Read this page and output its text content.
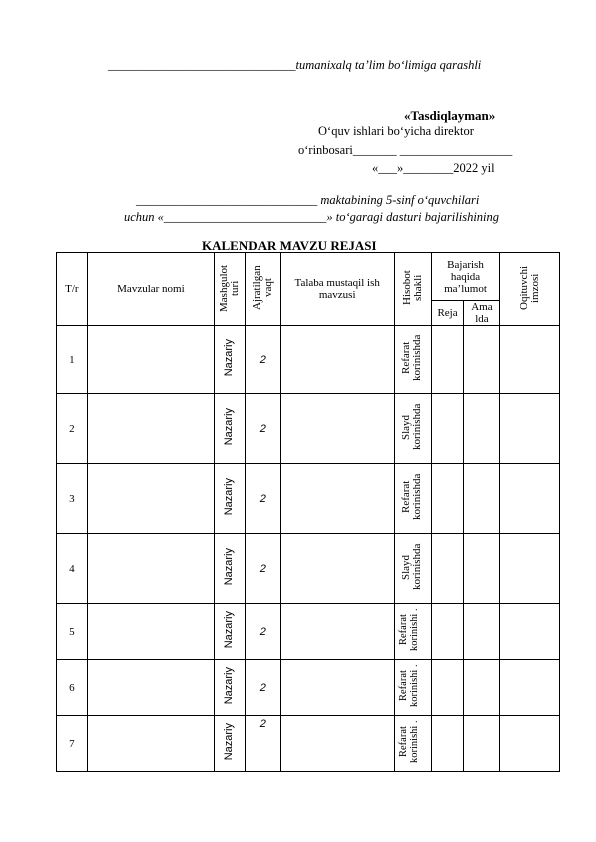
______________________________tumanixalq ta’lim bo‘limiga qarashli
«Tasdiqlayman»
O‘quv ishlari bo‘yicha direktor
o‘rinbosari_______ __________________
«___»________2022 yil
_____________________________ maktabining 5-sinf o‘quvchilari
uchun «__________________________» to‘garagi dasturi bajarilishining
KALENDAR MAVZU REJASI
T/r	Mavzular nomi	Mashgulot turi	Ajratilgan vaqt	Talaba mustaqil ish mavzusi	Hisobot shakli	Bajarish haqida ma’lumot		Oqituvchi imzosi
						Reja	Ama lda	
1		Nazariy	2		Refarat korinishda			
2		Nazariy	2		Slayd korinishda			
3		Nazariy	2		Refarat korinishda			
4		Nazariy	2		Slayd korinishda			
5		Nazariy	2		Refarat korinishi .			
6		Nazariy	2		Refarat korinishi .			
7		Nazariy	2		Refarat korinishi .			
